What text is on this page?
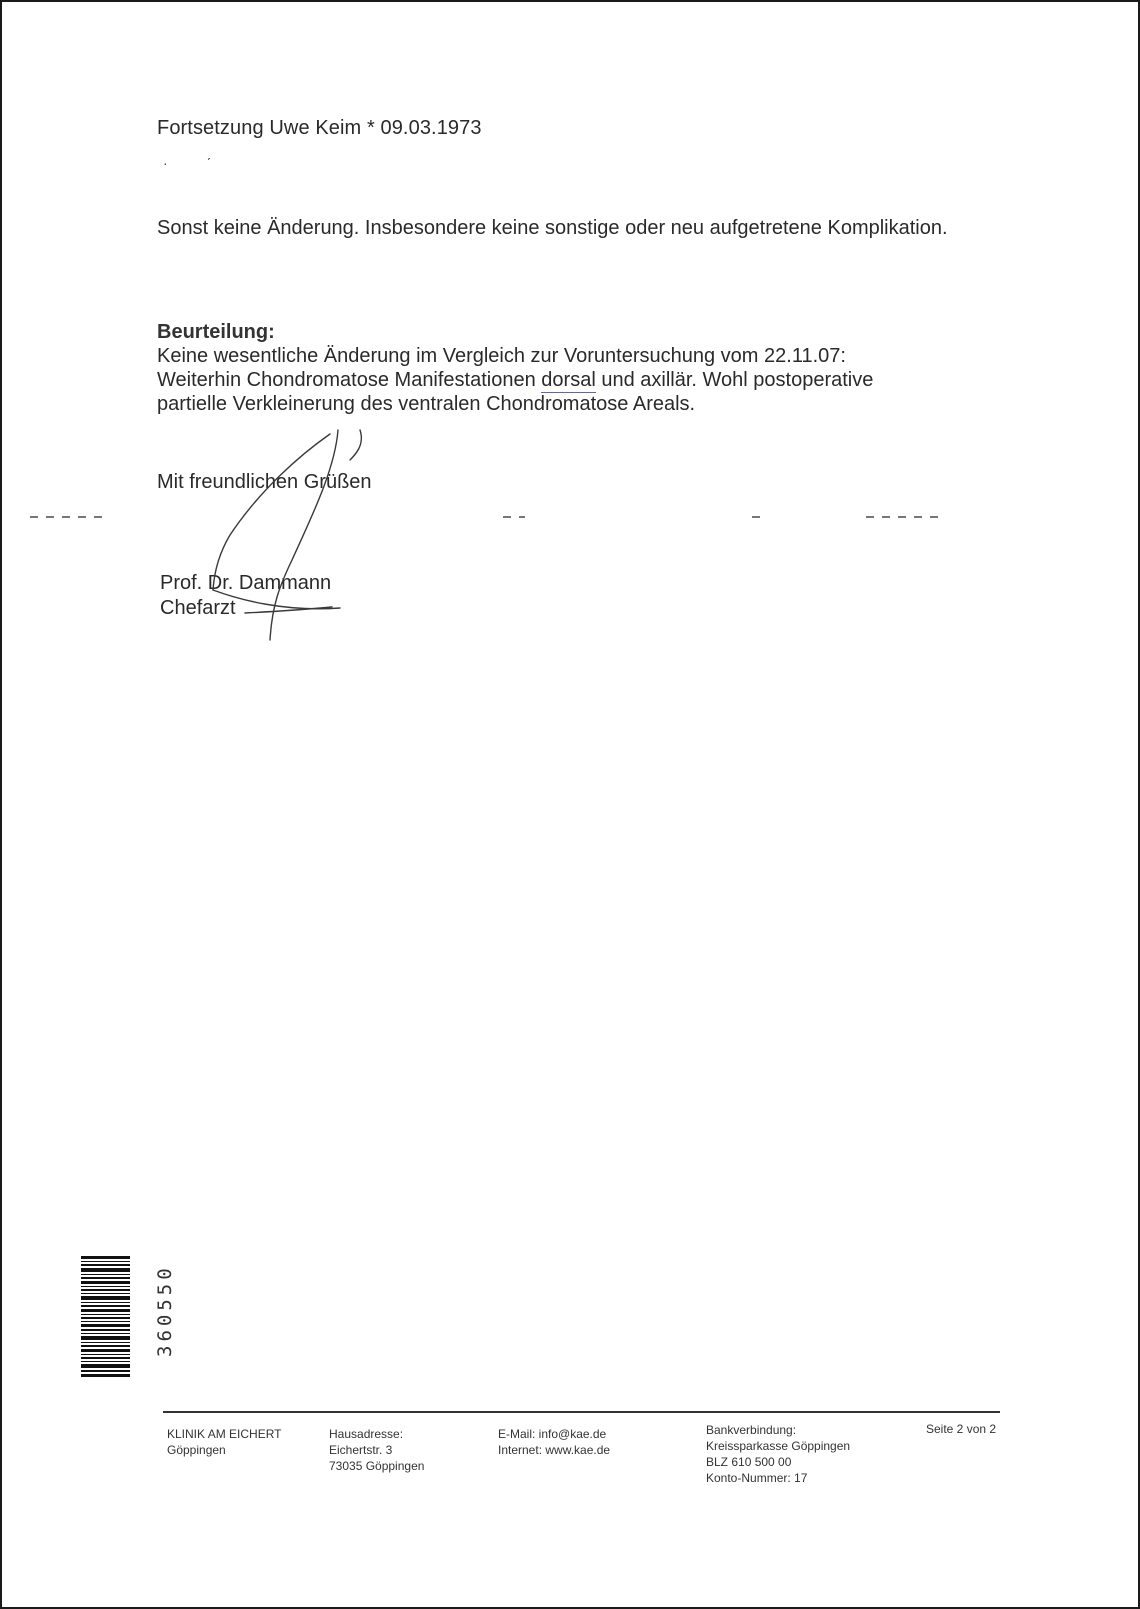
Fortsetzung Uwe Keim * 09.03.1973
·          ˊ
Sonst keine Änderung. Insbesondere keine sonstige oder neu aufgetretene Komplikation.
Beurteilung:
Keine wesentliche Änderung im Vergleich zur Voruntersuchung vom 22.11.07:
Weiterhin Chondromatose Manifestationen dorsal und axillär. Wohl postoperative
partielle Verkleinerung des ventralen Chondromatose Areals.
Mit freundlichen Grüßen
Prof. Dr. Dammann
Chefarzt
360550
KLINIK AM EICHERT
Göppingen
Hausadresse:
Eichertstr. 3
73035 Göppingen
E-Mail: info@kae.de
Internet: www.kae.de
Bankverbindung:
Kreissparkasse Göppingen
BLZ 610 500 00
Konto-Nummer: 17
Seite 2 von 2
